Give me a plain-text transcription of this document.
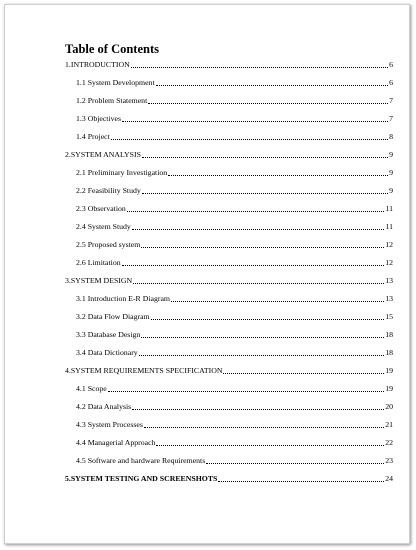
Table of Contents
1.INTRODUCTION	6
1.1 System Development	6
1.2 Problem Statement	7
1.3 Objectives	7
1.4 Project	8
2.SYSTEM ANALYSIS	9
2.1 Preliminary Investigation	9
2.2 Feasibility Study	9
2.3 Observation	11
2.4 System Study	11
2.5 Proposed system	12
2.6 Limitation	12
3.SYSTEM DESIGN	13
3.1 Introduction E-R Diagram	13
3.2 Data Flow Diagram	15
3.3 Database Design	18
3.4 Data Dictionary	18
4.SYSTEM REQUIREMENTS SPECIFICATION	19
4.1 Scope	19
4.2 Data Analysis	20
4.3 System Processes	21
4.4 Managerial Approach	22
4.5 Software and hardware Requirements	23
5.SYSTEM TESTING AND SCREENSHOTS	24
